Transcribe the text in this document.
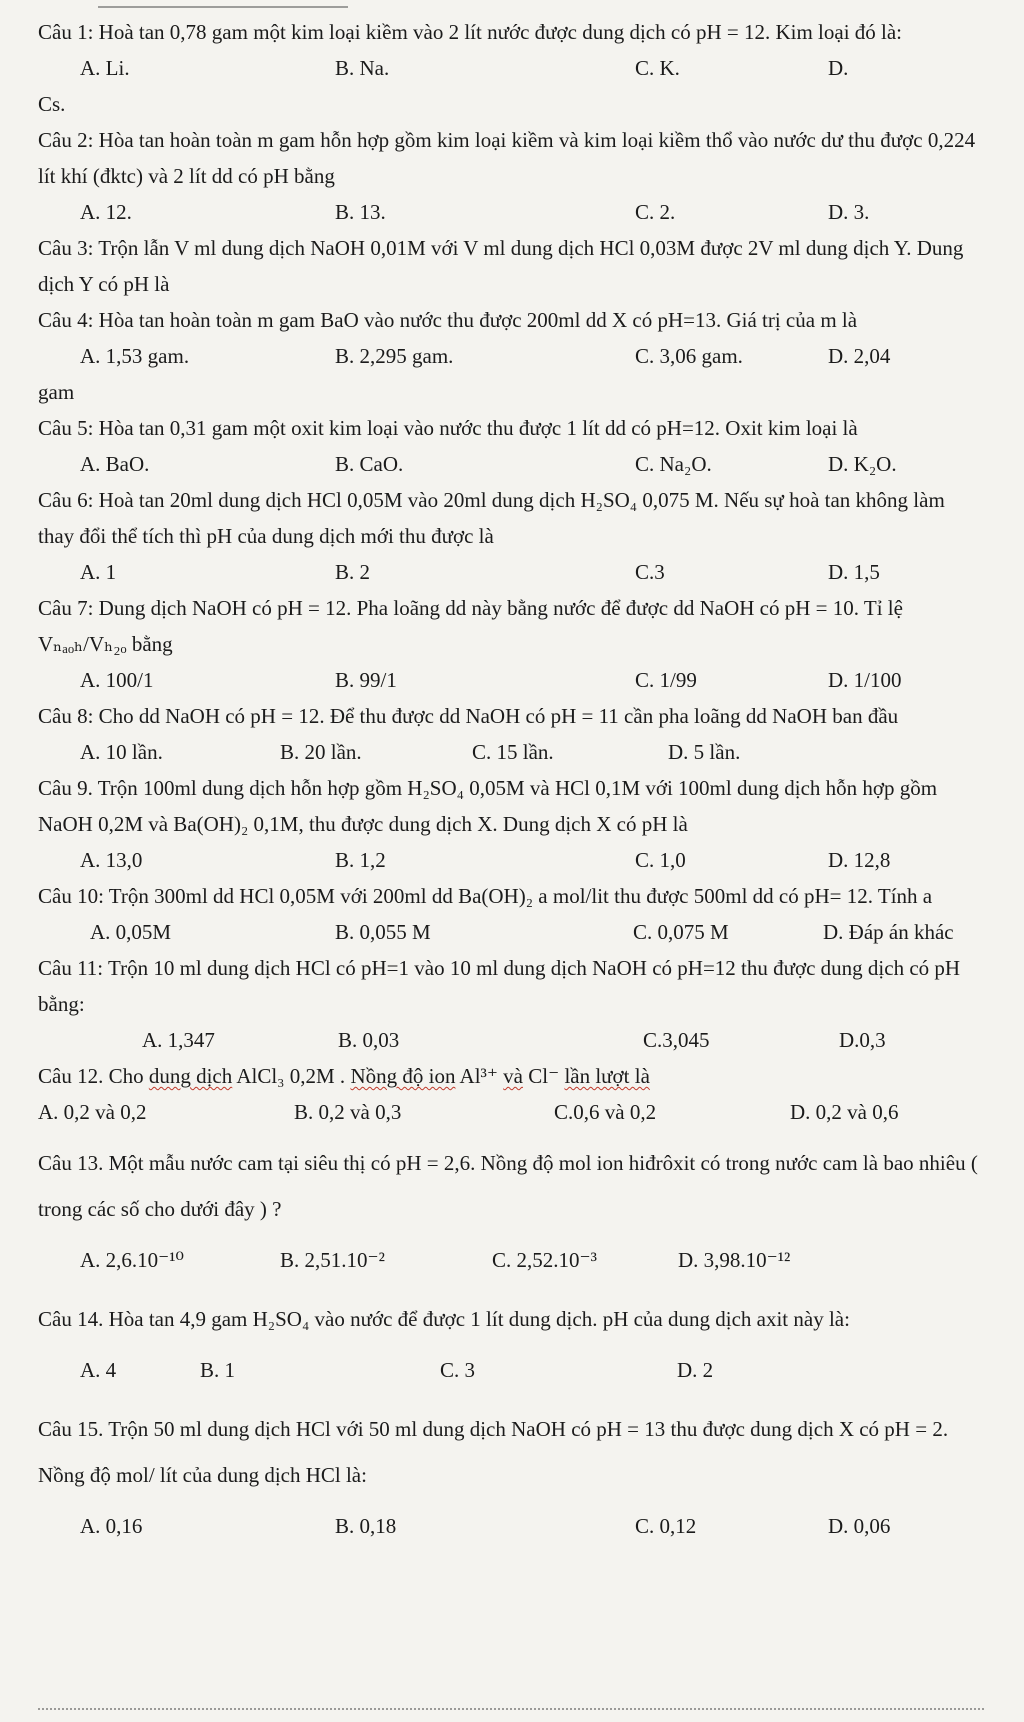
Câu 1: Hoà tan 0,78 gam một kim loại kiềm vào 2 lít nước được dung dịch có pH = 12. Kim loại đó là:

A. Li.	B. Na.	C. K.	D.
Cs.

Câu 2: Hòa tan hoàn toàn m gam hỗn hợp gồm kim loại kiềm và kim loại kiềm thổ vào nước dư thu được 0,224 lít khí (đktc) và 2 lít dd có pH bằng

A. 12.	B. 13.	C. 2.	D. 3.

Câu 3: Trộn lẫn V ml dung dịch NaOH 0,01M với V ml dung dịch HCl 0,03M được 2V ml dung dịch Y. Dung dịch Y có pH là

Câu 4: Hòa tan hoàn toàn m gam BaO vào nước thu được 200ml dd X có pH=13. Giá trị của m là

A. 1,53 gam.	B. 2,295 gam.	C. 3,06 gam.	D. 2,04
gam

Câu 5: Hòa tan 0,31 gam một oxit kim loại vào nước thu được 1 lít dd có pH=12. Oxit kim loại là

A. BaO.	B. CaO.	C. Na₂O.	D. K₂O.

Câu 6: Hoà tan 20ml dung dịch HCl 0,05M vào 20ml dung dịch H₂SO₄ 0,075 M. Nếu sự hoà tan không làm thay đổi thể tích thì pH của dung dịch mới thu được là

A. 1	B. 2	C.3	D. 1,5

Câu 7: Dung dịch NaOH có pH = 12. Pha loãng dd này bằng nước để được dd NaOH có pH = 10. Tỉ lệ Vₙₐₒₕ/Vₕ₂ₒ bằng

A. 100/1	B. 99/1	C. 1/99	D. 1/100

Câu 8: Cho dd NaOH có pH = 12. Để thu được dd NaOH có pH = 11 cần pha loãng dd NaOH ban đầu

A. 10 lần.	B. 20 lần.	C. 15 lần.	D. 5 lần.

Câu 9. Trộn 100ml dung dịch hỗn hợp gồm H₂SO₄ 0,05M và HCl 0,1M với 100ml dung dịch hỗn hợp gồm NaOH 0,2M và Ba(OH)₂ 0,1M, thu được dung dịch X. Dung dịch X có pH là

A. 13,0	B. 1,2	C. 1,0	D. 12,8

Câu 10: Trộn 300ml dd HCl 0,05M với 200ml dd Ba(OH)₂ a mol/lit thu được 500ml dd có pH= 12. Tính a

A. 0,05M	B. 0,055 M	C. 0,075 M	D. Đáp án khác

Câu 11: Trộn 10 ml dung dịch HCl có pH=1 vào 10 ml dung dịch NaOH có pH=12 thu được dung dịch có pH bằng:

A. 1,347	B. 0,03	C.3,045	D.0,3

Câu 12. Cho dung dịch AlCl₃ 0,2M . Nồng độ ion Al³⁺ và Cl⁻ lần lượt là

A. 0,2 và 0,2	B. 0,2 và 0,3	C.0,6 và 0,2	D. 0,2 và 0,6

Câu 13. Một mẫu nước cam tại siêu thị có pH = 2,6. Nồng độ mol ion hiđrôxit có trong nước cam là bao nhiêu ( trong các số cho dưới đây ) ?

A. 2,6.10⁻¹⁰	B. 2,51.10⁻²	C. 2,52.10⁻³	D. 3,98.10⁻¹²

Câu 14. Hòa tan 4,9 gam H₂SO₄ vào nước để được 1 lít dung dịch. pH của dung dịch axit này là:

A. 4	B. 1	C. 3	D. 2

Câu 15. Trộn 50 ml dung dịch HCl với 50 ml dung dịch NaOH có pH = 13 thu được dung dịch X có pH = 2. Nồng độ mol/ lít của dung dịch HCl là:

A. 0,16	B. 0,18	C. 0,12	D. 0,06
